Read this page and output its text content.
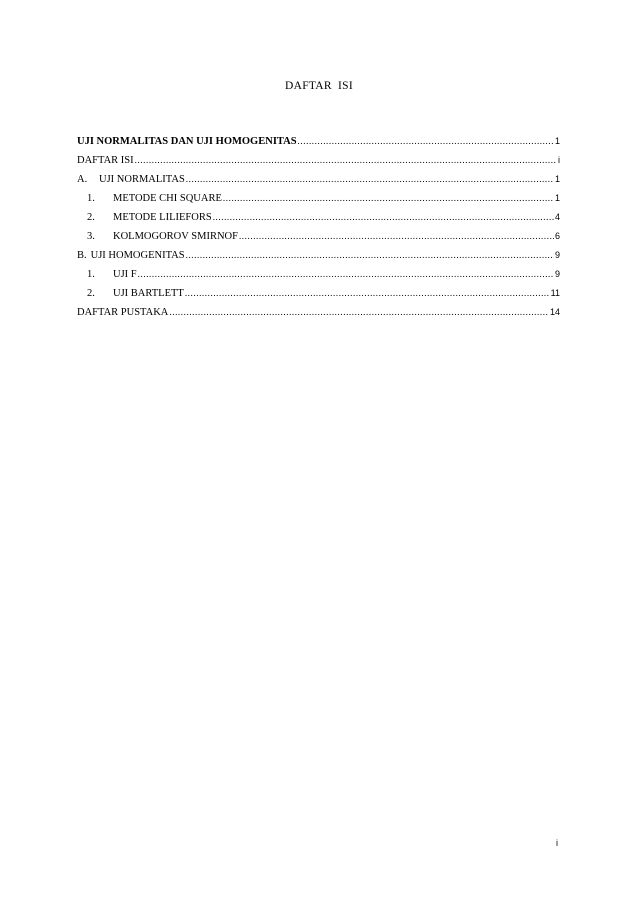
DAFTAR ISI
UJI NORMALITAS DAN UJI HOMOGENITAS .....	1
DAFTAR ISI .....	i
A.	UJI NORMALITAS .....	1
1.	METODE CHI SQUARE .....	1
2.	METODE LILIEFORS .....	4
3.	KOLMOGOROV SMIRNOF .....	6
B. UJI HOMOGENITAS .....	9
1.	UJI F .....	9
2.	UJI BARTLETT .....	11
DAFTAR PUSTAKA .....	14
i
